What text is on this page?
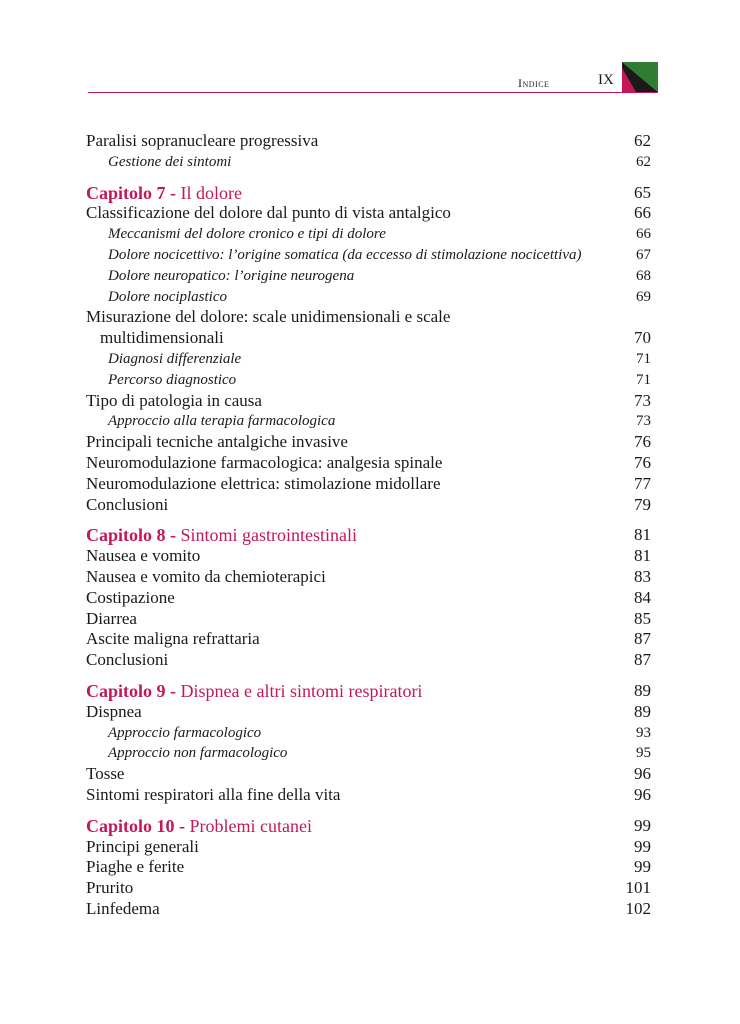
Indice	IX
Paralisi sopranucleare progressiva	62
Gestione dei sintomi	62
Capitolo 7 - Il dolore	65
Classificazione del dolore dal punto di vista antalgico	66
Meccanismi del dolore cronico e tipi di dolore	66
Dolore nocicettivo: l’origine somatica (da eccesso di stimolazione nocicettiva)	67
Dolore neuropatico: l’origine neurogena	68
Dolore nociplastico	69
Misurazione del dolore: scale unidimensionali e scale
multidimensionali	70
Diagnosi differenziale	71
Percorso diagnostico	71
Tipo di patologia in causa	73
Approccio alla terapia farmacologica	73
Principali tecniche antalgiche invasive	76
Neuromodulazione farmacologica: analgesia spinale	76
Neuromodulazione elettrica: stimolazione midollare	77
Conclusioni	79
Capitolo 8 - Sintomi gastrointestinali	81
Nausea e vomito	81
Nausea e vomito da chemioterapici	83
Costipazione	84
Diarrea	85
Ascite maligna refrattaria	87
Conclusioni	87
Capitolo 9 - Dispnea e altri sintomi respiratori	89
Dispnea	89
Approccio farmacologico	93
Approccio non farmacologico	95
Tosse	96
Sintomi respiratori alla fine della vita	96
Capitolo 10 - Problemi cutanei	99
Principi generali	99
Piaghe e ferite	99
Prurito	101
Linfedema	102
